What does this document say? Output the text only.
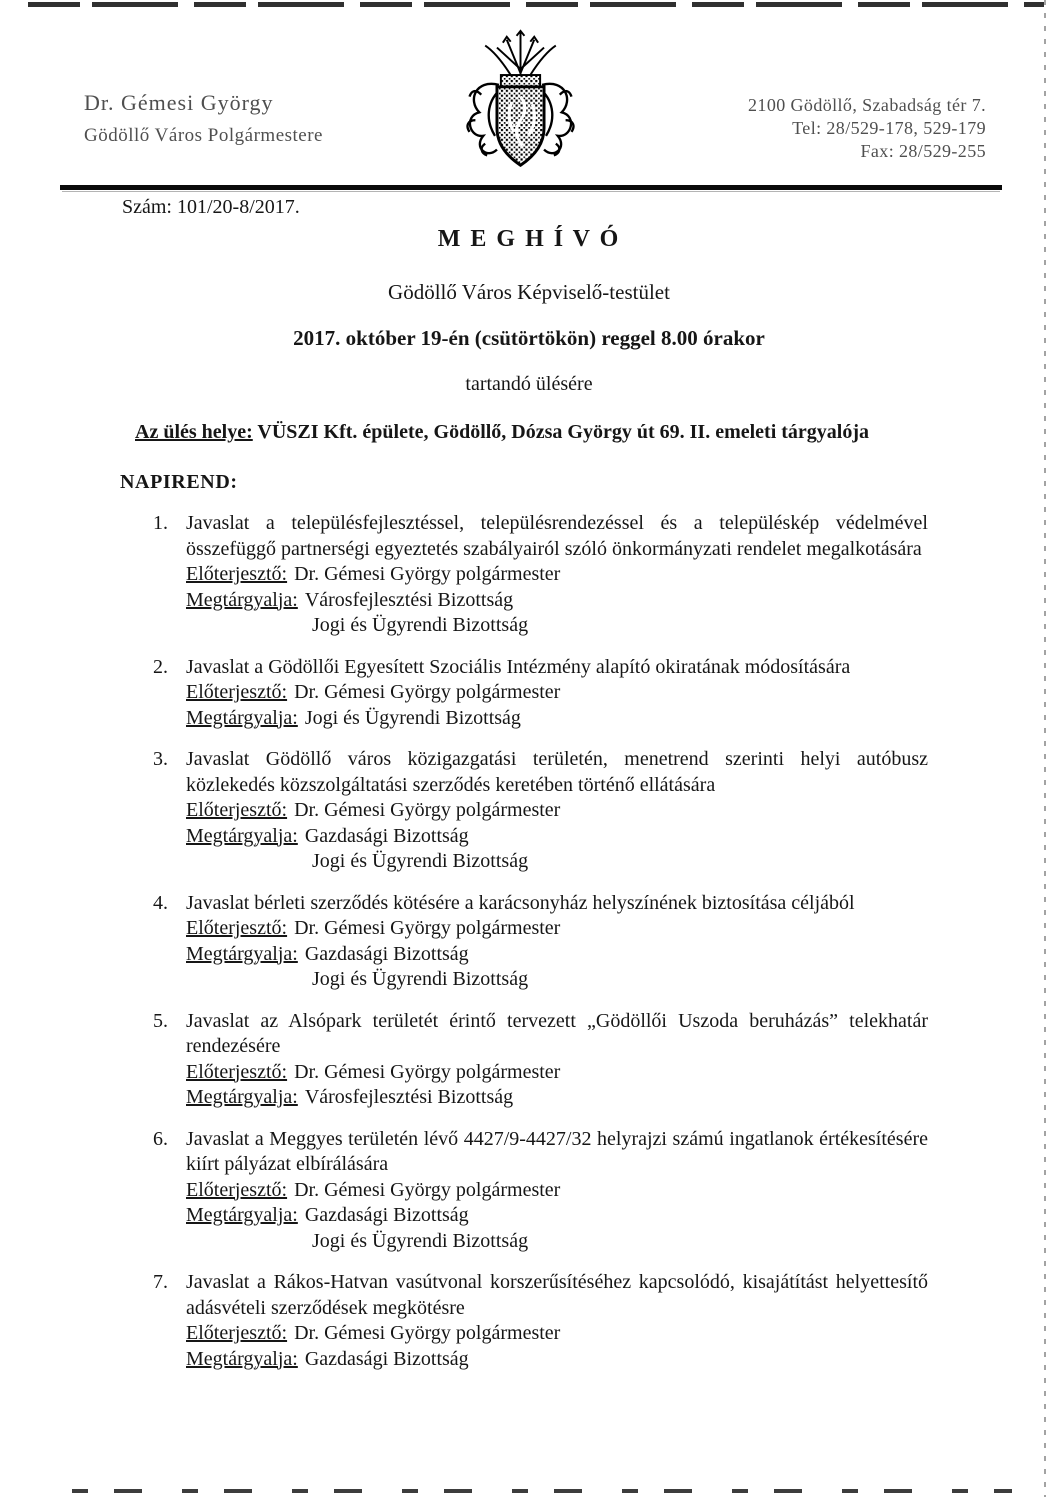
Dr. Gémesi György
Gödöllő Város Polgármestere
2100 Gödöllő, Szabadság tér 7.
Tel: 28/529-178, 529-179
Fax: 28/529-255

Szám: 101/20-8/2017.

M E G H Í V Ó

Gödöllő Város Képviselő-testület

2017. október 19-én (csütörtökön) reggel 8.00 órakor

tartandó ülésére

Az ülés helye: VÜSZI Kft. épülete, Gödöllő, Dózsa György út 69. II. emeleti tárgyalója

NAPIREND:

1. Javaslat a településfejlesztéssel, településrendezéssel és a településkép védelmével összefüggő partnerségi egyeztetés szabályairól szóló önkormányzati rendelet megalkotására

Előterjesztő: Dr. Gémesi György polgármester

Megtárgyalja: Városfejlesztési Bizottság

Jogi és Ügyrendi Bizottság

2. Javaslat a Gödöllői Egyesített Szociális Intézmény alapító okiratának módosítására

Előterjesztő: Dr. Gémesi György polgármester

Megtárgyalja: Jogi és Ügyrendi Bizottság

3. Javaslat Gödöllő város közigazgatási területén, menetrend szerinti helyi autóbusz közlekedés közszolgáltatási szerződés keretében történő ellátására

Előterjesztő: Dr. Gémesi György polgármester

Megtárgyalja: Gazdasági Bizottság

Jogi és Ügyrendi Bizottság

4. Javaslat bérleti szerződés kötésére a karácsonyház helyszínének biztosítása céljából

Előterjesztő: Dr. Gémesi György polgármester

Megtárgyalja: Gazdasági Bizottság

Jogi és Ügyrendi Bizottság

5. Javaslat az Alsópark területét érintő tervezett „Gödöllői Uszoda beruházás” telekhatár rendezésére

Előterjesztő: Dr. Gémesi György polgármester

Megtárgyalja: Városfejlesztési Bizottság

6. Javaslat a Meggyes területén lévő 4427/9-4427/32 helyrajzi számú ingatlanok értékesítésére kiírt pályázat elbírálására

Előterjesztő: Dr. Gémesi György polgármester

Megtárgyalja: Gazdasági Bizottság

Jogi és Ügyrendi Bizottság

7. Javaslat a Rákos-Hatvan vasútvonal korszerűsítéséhez kapcsolódó, kisajátítást helyettesítő adásvételi szerződések megkötésre

Előterjesztő: Dr. Gémesi György polgármester

Megtárgyalja: Gazdasági Bizottság
